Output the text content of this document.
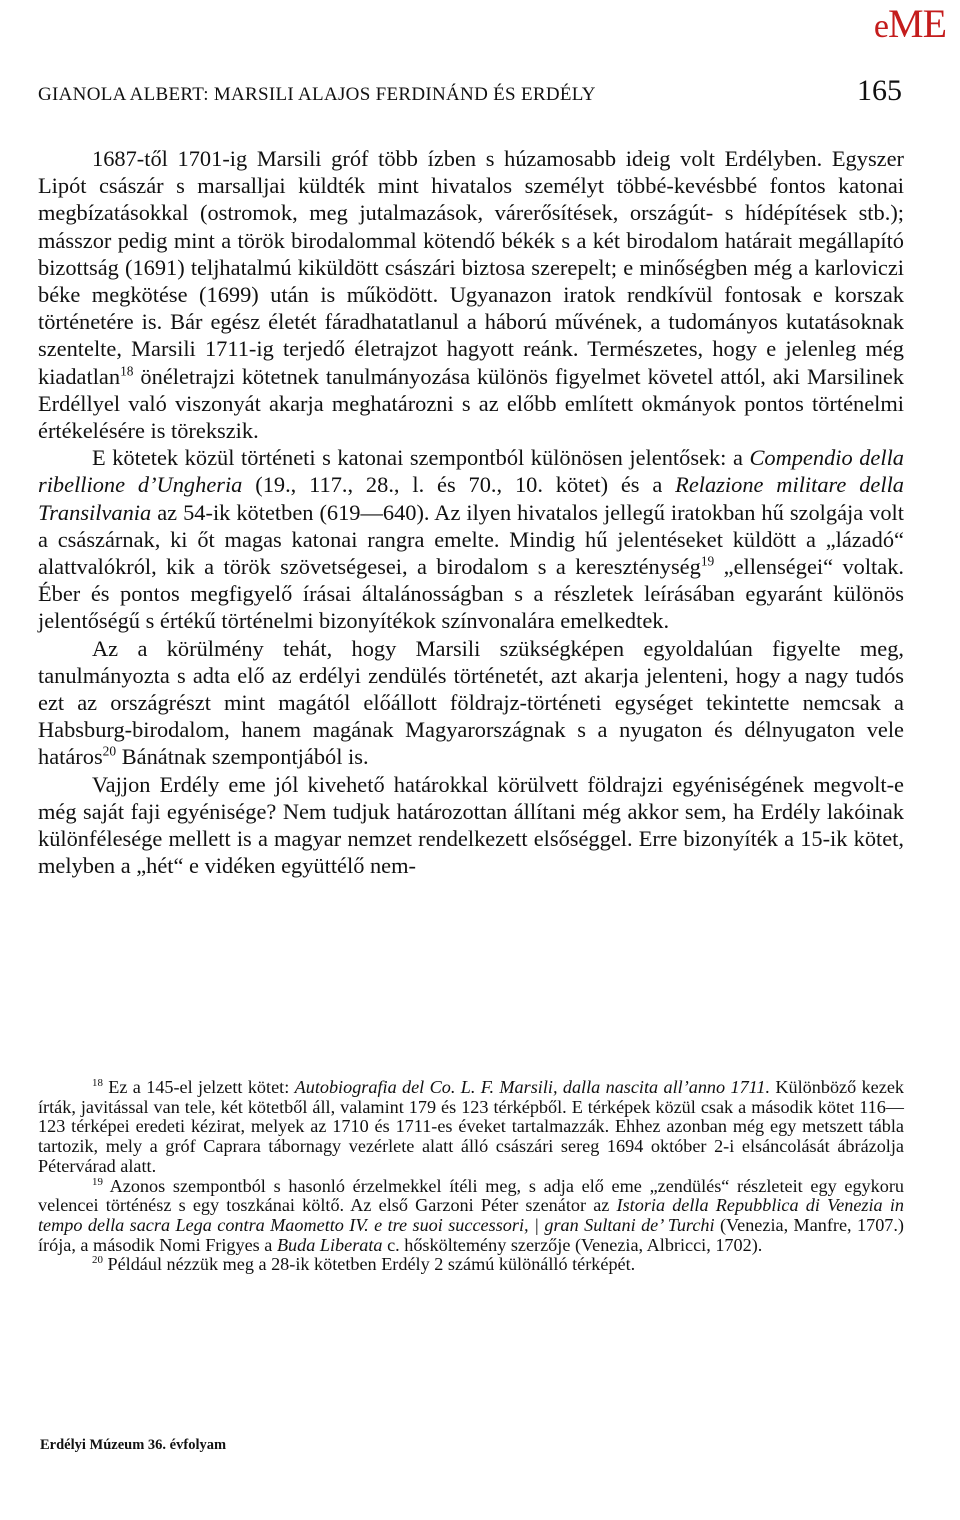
eME
GIANOLA ALBERT: MARSILI ALAJOS FERDINÁND ÉS ERDÉLY	165

1687-től 1701-ig Marsili gróf több ízben s húzamosabb ideig volt Erdélyben. Egyszer Lipót császár s marsalljai küldték mint hivatalos személyt többé-kevésbbé fontos katonai megbízatásokkal (ostromok, meg jutalmazások, várerősítések, országút- s hídépítések stb.); másszor pedig mint a török birodalommal kötendő békék s a két birodalom határait megállapító bizottság (1691) teljhatalmú kiküldött császári biztosa szerepelt; e minőségben még a karloviczi béke megkötése (1699) után is működött. Ugyanazon iratok rendkívül fontosak e korszak történetére is. Bár egész életét fáradhatatlanul a háború művének, a tudományos kutatásoknak szentelte, Marsili 1711-ig terjedő életrajzot hagyott reánk. Természetes, hogy e jelenleg még kiadatlan$^{18}$ önéletrajzi kötetnek tanulmányozása különös figyelmet követel attól, aki Marsilinek Erdéllyel való viszonyát akarja meghatározni s az előbb említett okmányok pontos történelmi értékelésére is törekszik.

E kötetek közül történeti s katonai szempontból különösen jelentősek: a Compendio della ribellione d’Ungheria (19., 117., 28., l. és 70., 10. kötet) és a Relazione militare della Transilvania az 54-ik kötetben (619—640). Az ilyen hivatalos jellegű iratokban hű szolgája volt a császárnak, ki őt magas katonai rangra emelte. Mindig hű jelentéseket küldött a „lázadó“ alattvalókról, kik a török szövetségesei, a birodalom s a kereszténység$^{19}$ „ellenségei“ voltak. Éber és pontos megfigyelő írásai általánosságban s a részletek leírásában egyaránt különös jelentőségű s értékű történelmi bizonyítékok színvonalára emelkedtek.

Az a körülmény tehát, hogy Marsili szükségképen egyoldalúan figyelte meg, tanulmányozta s adta elő az erdélyi zendülés történetét, azt akarja jelenteni, hogy a nagy tudós ezt az országrészt mint magától előállott földrajz-történeti egységet tekintette nemcsak a Habsburg-birodalom, hanem magának Magyarországnak s a nyugaton és délnyugaton vele határos$^{20}$ Bánátnak szempontjából is.

Vajjon Erdély eme jól kivehető határokkal körülvett földrajzi egyéniségének megvolt-e még saját faji egyénisége? Nem tudjuk határozottan állítani még akkor sem, ha Erdély lakóinak különfélesége mellett is a magyar nemzet rendelkezett elsőséggel. Erre bizonyíték a 15-ik kötet, melyben a „hét“ e vidéken együttélő nem-

$^{18}$ Ez a 145-el jelzett kötet: Autobiografia del Co. L. F. Marsili, dalla nascita all’anno 1711. Különböző kezek írták, javitással van tele, két kötetből áll, valamint 179 és 123 térképből. E térképek közül csak a második kötet 116—123 térképei eredeti kézirat, melyek az 1710 és 1711-es éveket tartalmazzák. Ehhez azonban még egy metszett tábla tartozik, mely a gróf Caprara tábornagy vezérlete alatt álló császári sereg 1694 október 2-i elsáncolását ábrázolja Pétervárad alatt.

$^{19}$ Azonos szempontból s hasonló érzelmekkel ítéli meg, s adja elő eme „zendülés“ részleteit egy egykoru velencei történész s egy toszkánai költő. Az első Garzoni Péter szenátor az Istoria della Repubblica di Venezia in tempo della sacra Lega contra Maometto IV. e tre suoi successori, | gran Sultani de’ Turchi (Venezia, Manfre, 1707.) írója, a második Nomi Frigyes a Buda Liberata c. hősköltemény szerzője (Venezia, Albricci, 1702).

$^{20}$ Például nézzük meg a 28-ik kötetben Erdély 2 számú különálló térképét.

Erdélyi Múzeum 36. évfolyam
